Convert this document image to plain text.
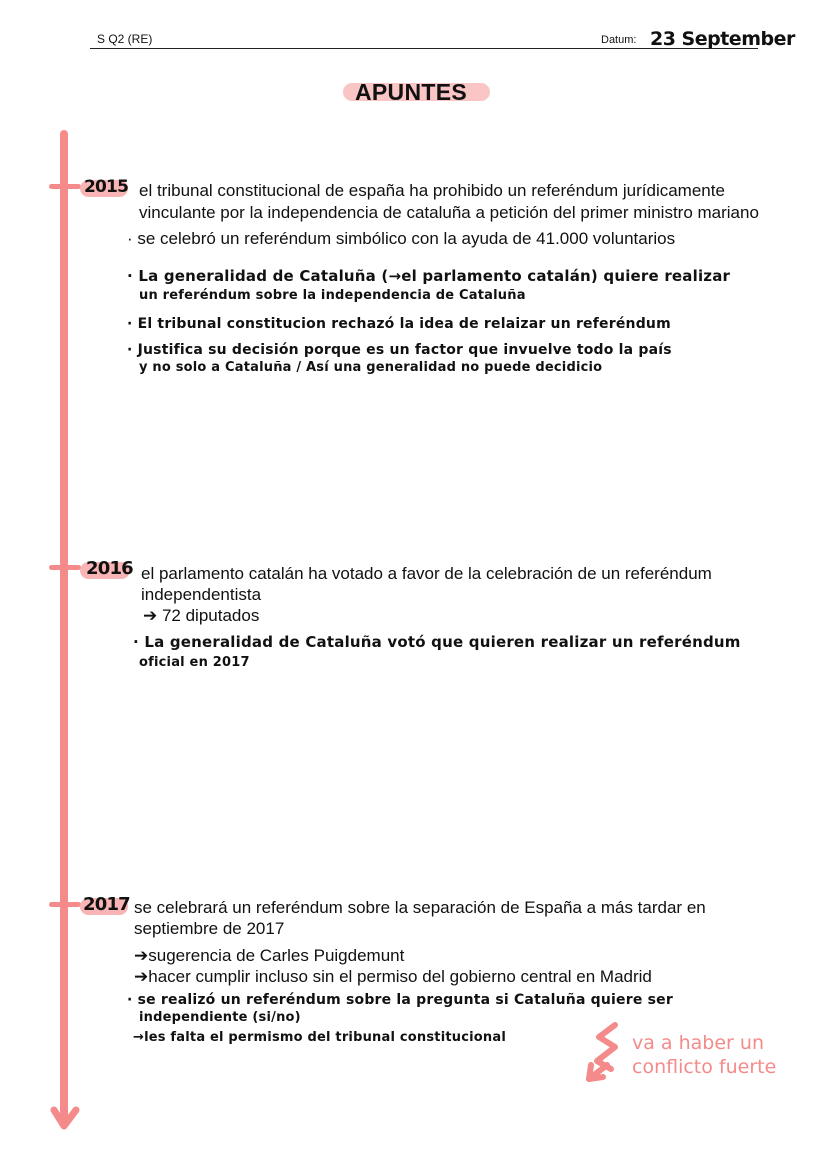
S Q2 (RE)	Datum: 23 September
APUNTES
2015 el tribunal constitucional de españa ha prohibido un referéndum jurídicamente
vinculante por la independencia de cataluña a petición del primer ministro mariano
· se celebró un referéndum simbólico con la ayuda de 41.000 voluntarios
· La generalidad de Cataluña (→el parlamento catalán) quiere realizar
un referéndum sobre la independencia de Cataluña
· El tribunal constitucion rechazó la idea de relaizar un referéndum
· Justifica su decisión porque es un factor que invuelve todo la país
y no solo a Cataluña / Así una generalidad no puede decidicio
2016 el parlamento catalán ha votado a favor de la celebración de un referéndum
independentista
➔ 72 diputados
· La generalidad de Cataluña votó que quieren realizar un referéndum
oficial en 2017
2017 se celebrará un referéndum sobre la separación de España a más tardar en
septiembre de 2017
➔sugerencia de Carles Puigdemunt
➔hacer cumplir incluso sin el permiso del gobierno central en Madrid
· se realizó un referéndum sobre la pregunta si Cataluña quiere ser
independiente (si/no)
→les falta el permismo del tribunal constitucional	va a haber un
conflicto fuerte
